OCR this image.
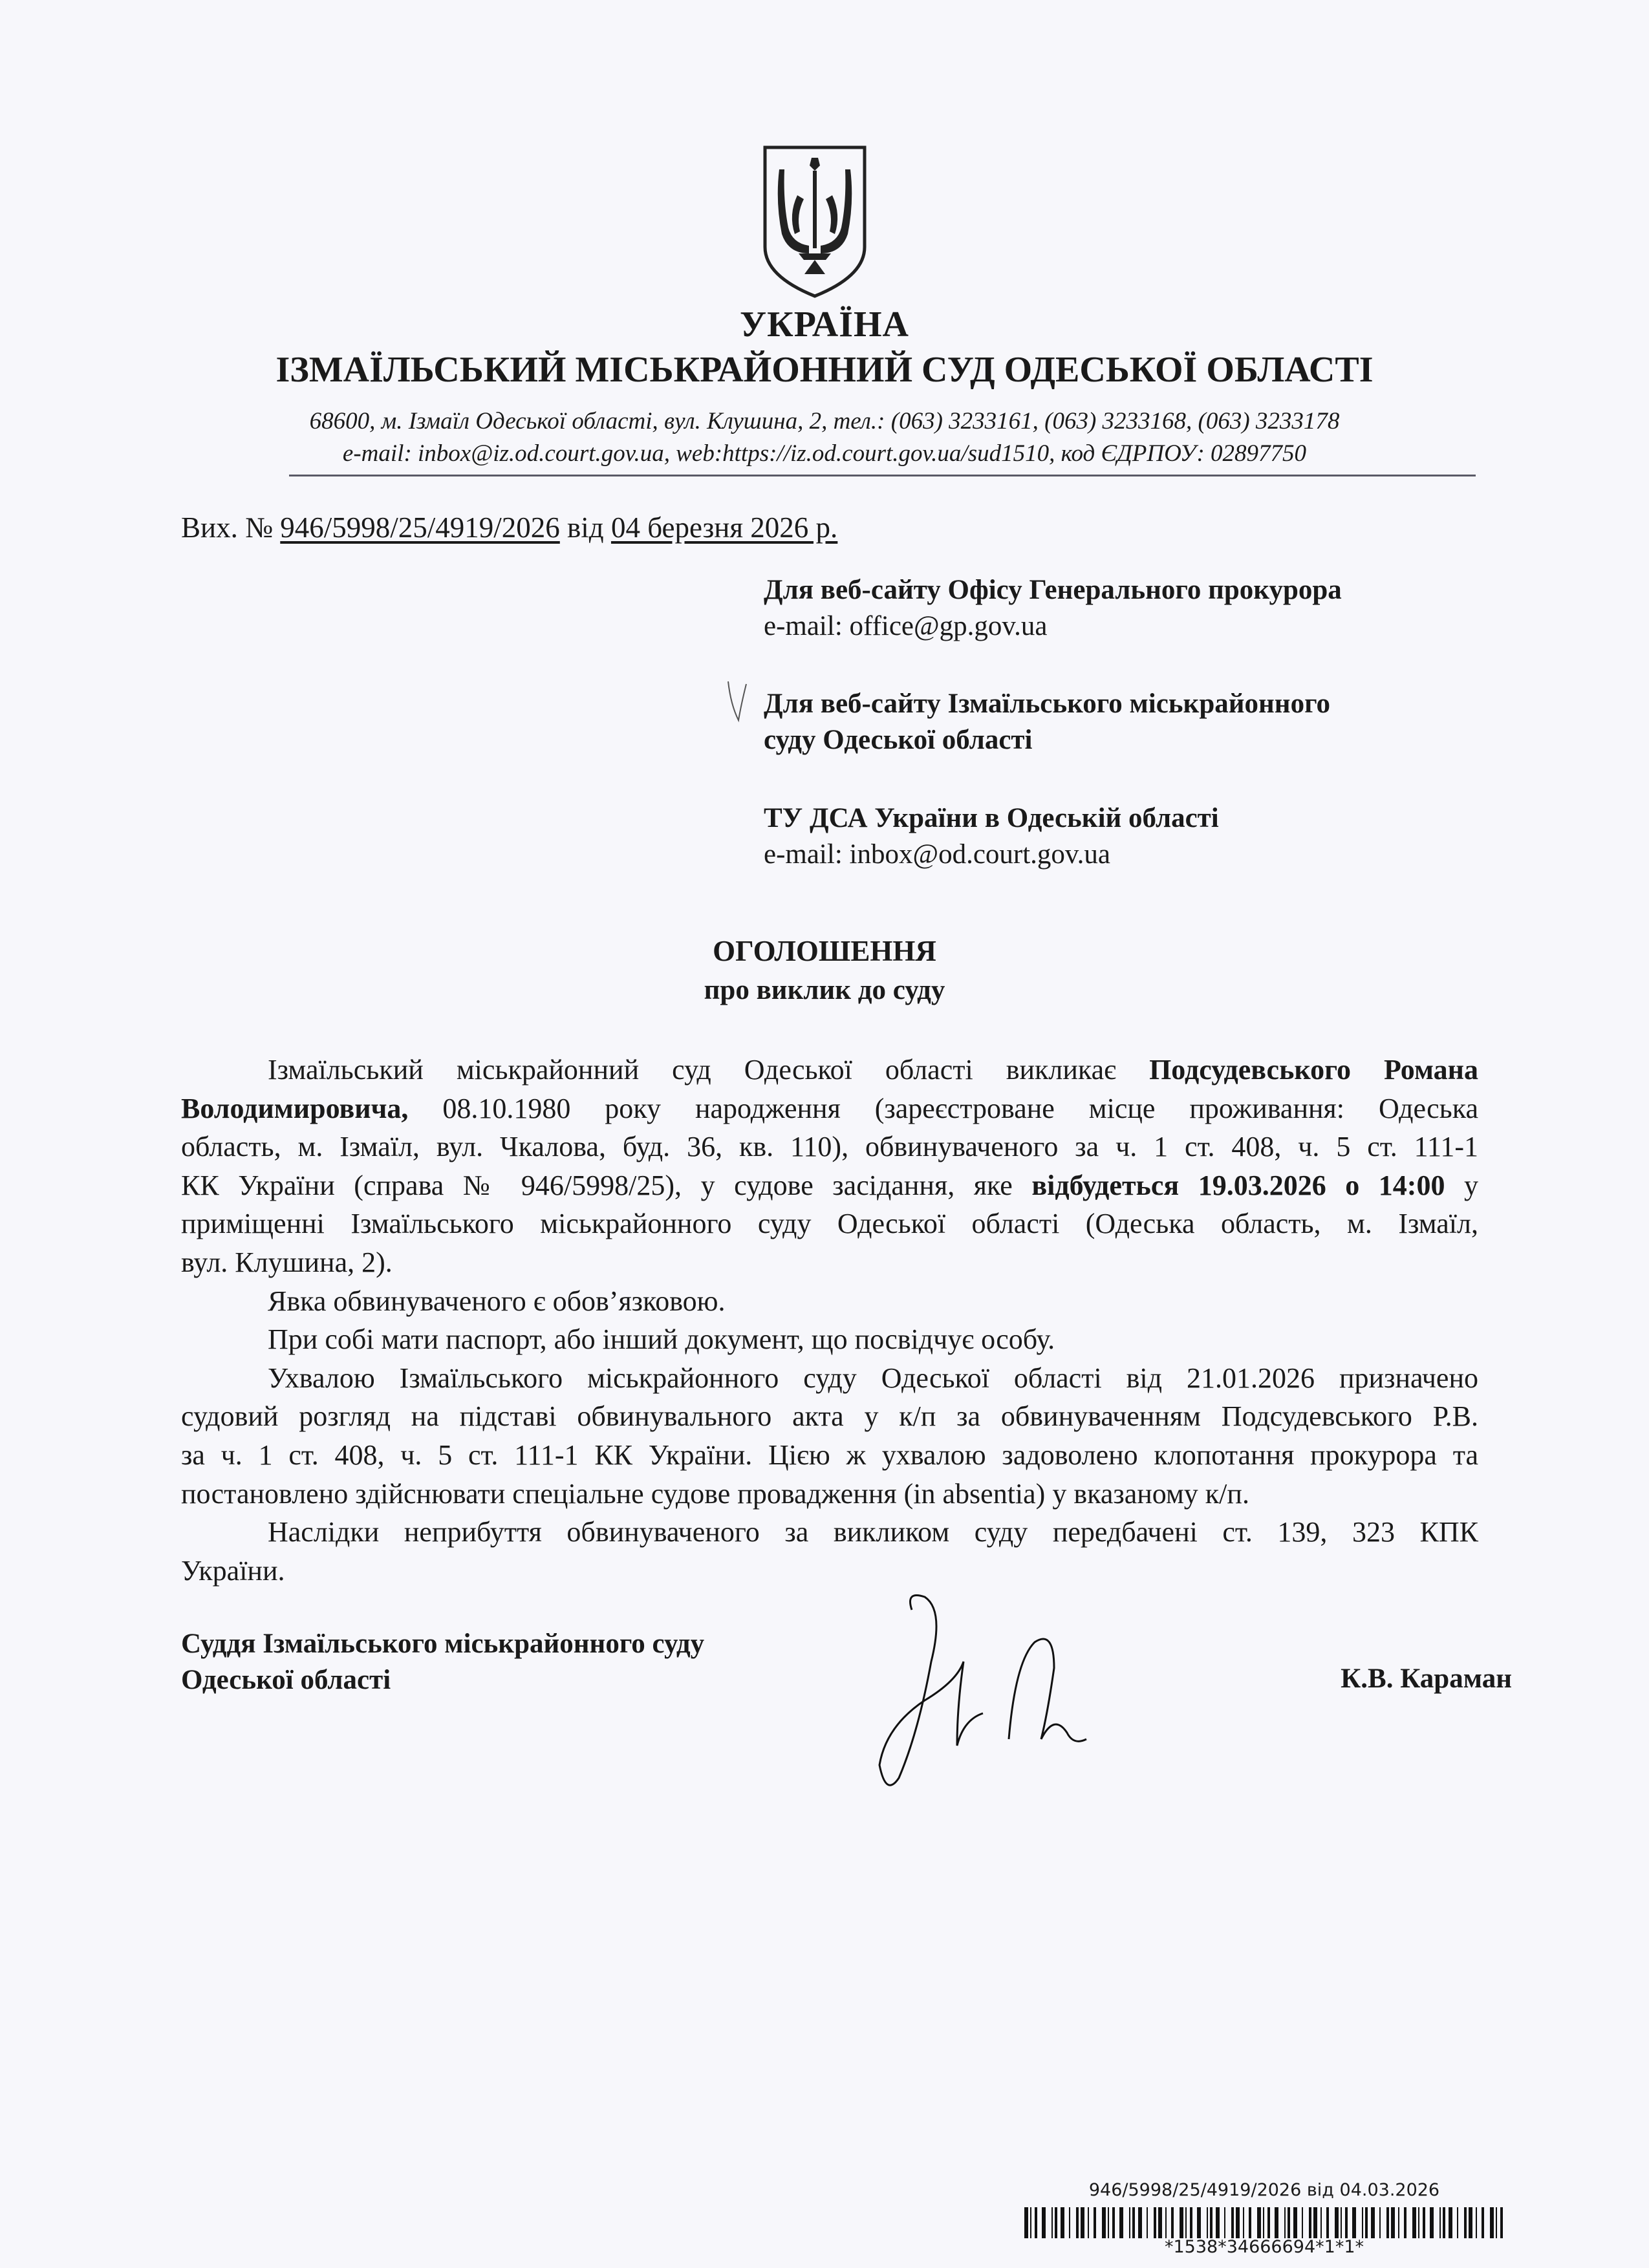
УКРАЇНА
ІЗМАЇЛЬСЬКИЙ МІСЬКРАЙОННИЙ СУД ОДЕСЬКОЇ ОБЛАСТІ
68600, м. Ізмаїл Одеської області, вул. Клушина, 2, тел.: (063) 3233161, (063) 3233168, (063) 3233178
e-mail: inbox@iz.od.court.gov.ua, web:https://iz.od.court.gov.ua/sud1510, код ЄДРПОУ: 02897750
Вих. № 946/5998/25/4919/2026 від 04 березня 2026 р.
Для веб-сайту Офісу Генерального прокурора
e-mail: office@gp.gov.ua
Для веб-сайту Ізмаїльського міськрайонного
суду Одеської області
ТУ ДСА України в Одеській області
e-mail: inbox@od.court.gov.ua
ОГОЛОШЕННЯ
про виклик до суду
Ізмаїльський міськрайонний суд Одеської області викликає Подсудевського Романа
Володимировича, 08.10.1980 року народження (зареєстроване місце проживання: Одеська
область, м. Ізмаїл, вул. Чкалова, буд. 36, кв. 110), обвинуваченого за ч. 1 ст. 408, ч. 5 ст. 111-1
КК України (справа № 946/5998/25), у судове засідання, яке відбудеться 19.03.2026 о 14:00 у
приміщенні Ізмаїльського міськрайонного суду Одеської області (Одеська область, м. Ізмаїл,
вул. Клушина, 2).
Явка обвинуваченого є обов’язковою.
При собі мати паспорт, або інший документ, що посвідчує особу.
Ухвалою Ізмаїльського міськрайонного суду Одеської області від 21.01.2026 призначено
судовий розгляд на підставі обвинувального акта у к/п за обвинуваченням Подсудевського Р.В.
за ч. 1 ст. 408, ч. 5 ст. 111-1 КК України. Цією ж ухвалою задоволено клопотання прокурора та
постановлено здійснювати спеціальне судове провадження (in absentia) у вказаному к/п.
Наслідки неприбуття обвинуваченого за викликом суду передбачені ст. 139, 323 КПК
України.
Суддя Ізмаїльського міськрайонного суду
Одеської області	К.В. Караман
946/5998/25/4919/2026 від 04.03.2026
*1538*34666694*1*1*
